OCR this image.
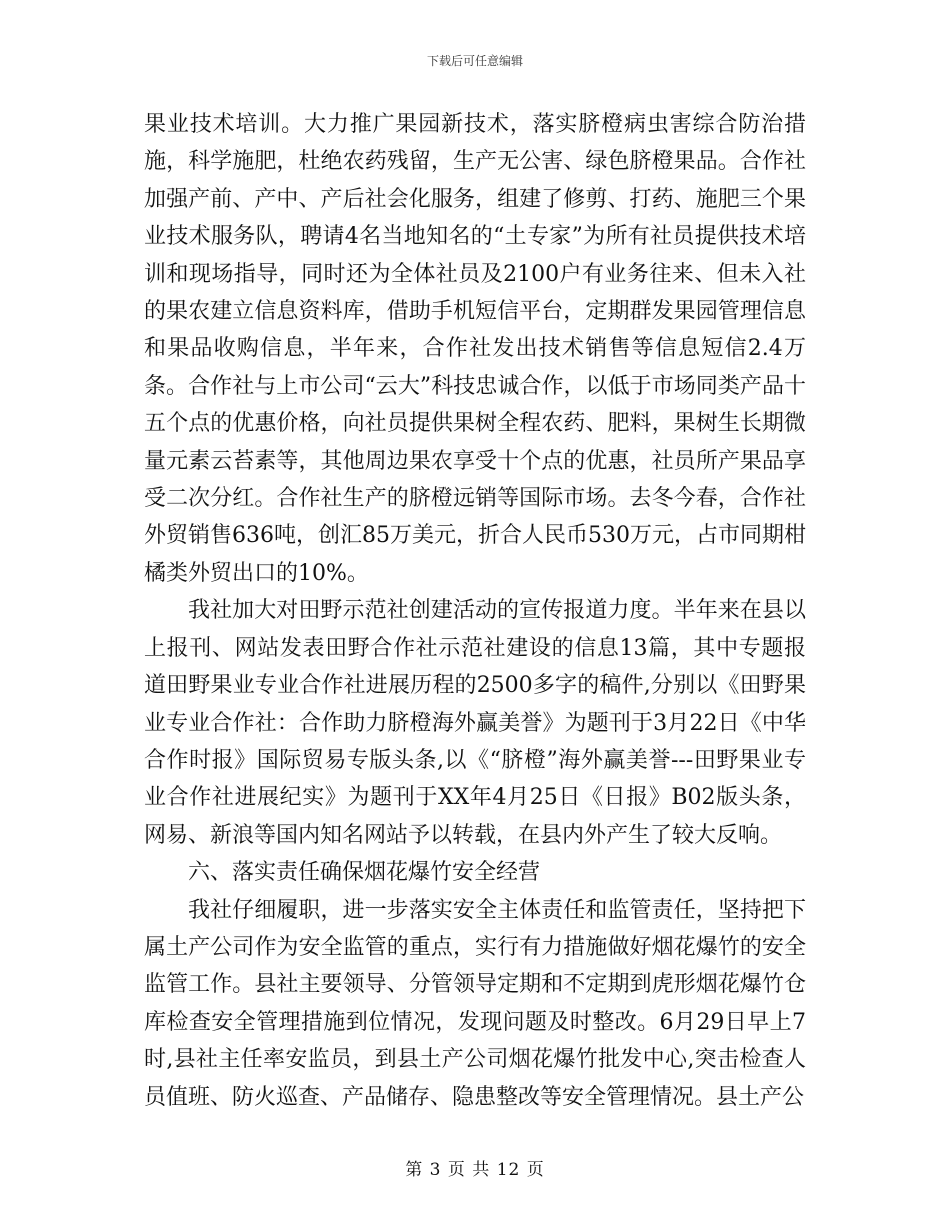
下载后可任意编辑

果业技术培训。大力推广果园新技术，落实脐橙病虫害综合防治措施，科学施肥，杜绝农药残留，生产无公害、绿色脐橙果品。合作社加强产前、产中、产后社会化服务，组建了修剪、打药、施肥三个果业技术服务队，聘请4名当地知名的“土专家”为所有社员提供技术培训和现场指导，同时还为全体社员及2100户有业务往来、但未入社的果农建立信息资料库，借助手机短信平台，定期群发果园管理信息和果品收购信息，半年来，合作社发出技术销售等信息短信2.4万条。合作社与上市公司“云大”科技忠诚合作，以低于市场同类产品十五个点的优惠价格，向社员提供果树全程农药、肥料，果树生长期微量元素云苔素等，其他周边果农享受十个点的优惠，社员所产果品享受二次分红。合作社生产的脐橙远销等国际市场。去冬今春，合作社外贸销售636吨，创汇85万美元，折合人民币530万元，占市同期柑橘类外贸出口的10%。

我社加大对田野示范社创建活动的宣传报道力度。半年来在县以上报刊、网站发表田野合作社示范社建设的信息13篇，其中专题报道田野果业专业合作社进展历程的2500多字的稿件,分别以《田野果业专业合作社：合作助力脐橙海外赢美誉》为题刊于3月22日《中华合作时报》国际贸易专版头条,以《“脐橙”海外赢美誉---田野果业专业合作社进展纪实》为题刊于XX年4月25日《日报》B02版头条，网易、新浪等国内知名网站予以转载，在县内外产生了较大反响。

六、落实责任确保烟花爆竹安全经营

我社仔细履职，进一步落实安全主体责任和监管责任，坚持把下属土产公司作为安全监管的重点，实行有力措施做好烟花爆竹的安全监管工作。县社主要领导、分管领导定期和不定期到虎形烟花爆竹仓库检查安全管理措施到位情况，发现问题及时整改。6月29日早上7时,县社主任率安监员，到县土产公司烟花爆竹批发中心,突击检查人员值班、防火巡查、产品储存、隐患整改等安全管理情况。县土产公

第 3 页 共 12 页
